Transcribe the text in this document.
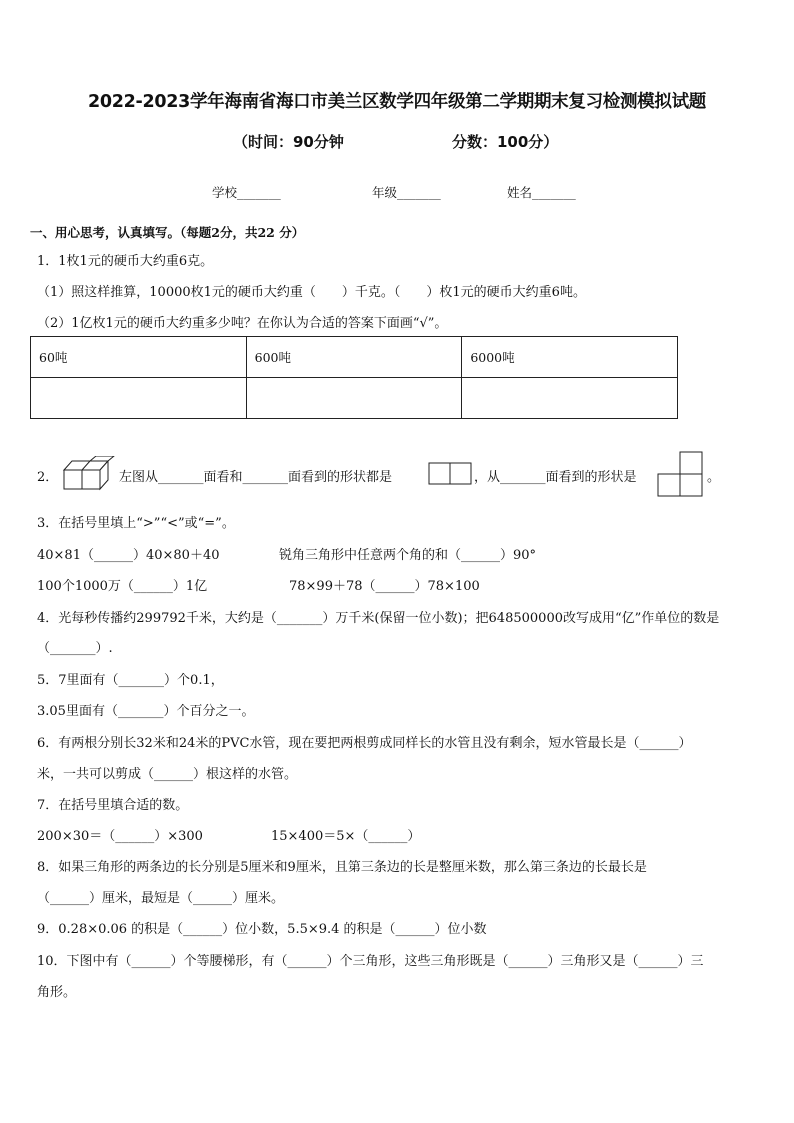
2022-2023学年海南省海口市美兰区数学四年级第二学期期末复习检测模拟试题
（时间：90分钟	分数：100分）
学校_______	年级_______	姓名_______
一、用心思考，认真填写。（每题2分，共22 分）
1．1枚1元的硬币大约重6克。
（1）照这样推算，10000枚1元的硬币大约重（　　）千克。（　　）枚1元的硬币大约重6吨。
（2）1亿枚1元的硬币大约重多少吨？在你认为合适的答案下面画“√”。
60吨	600吨	6000吨

2．	左图从_______面看和_______面看到的形状都是	，从_______面看到的形状是	。
3．在括号里填上“>”“<”或“=”。
40×81（______）40×80＋40	锐角三角形中任意两个角的和（______）90°
100个1000万（______）1亿	78×99＋78（______）78×100
4．光每秒传播约299792千米，大约是（_______）万千米(保留一位小数)；把648500000改写成用“亿”作单位的数是
（_______）.
5．7里面有（_______）个0.1，
3.05里面有（_______）个百分之一。
6．有两根分别长32米和24米的PVC水管，现在要把两根剪成同样长的水管且没有剩余，短水管最长是（______）
米，一共可以剪成（______）根这样的水管。
7．在括号里填合适的数。
200×30＝（______）×300	15×400＝5×（______）
8．如果三角形的两条边的长分别是5厘米和9厘米，且第三条边的长是整厘米数，那么第三条边的长最长是
（______）厘米，最短是（______）厘米。
9．0.28×0.06 的积是（______）位小数，5.5×9.4 的积是（______）位小数
10．下图中有（______）个等腰梯形，有（______）个三角形，这些三角形既是（______）三角形又是（______）三
角形。
